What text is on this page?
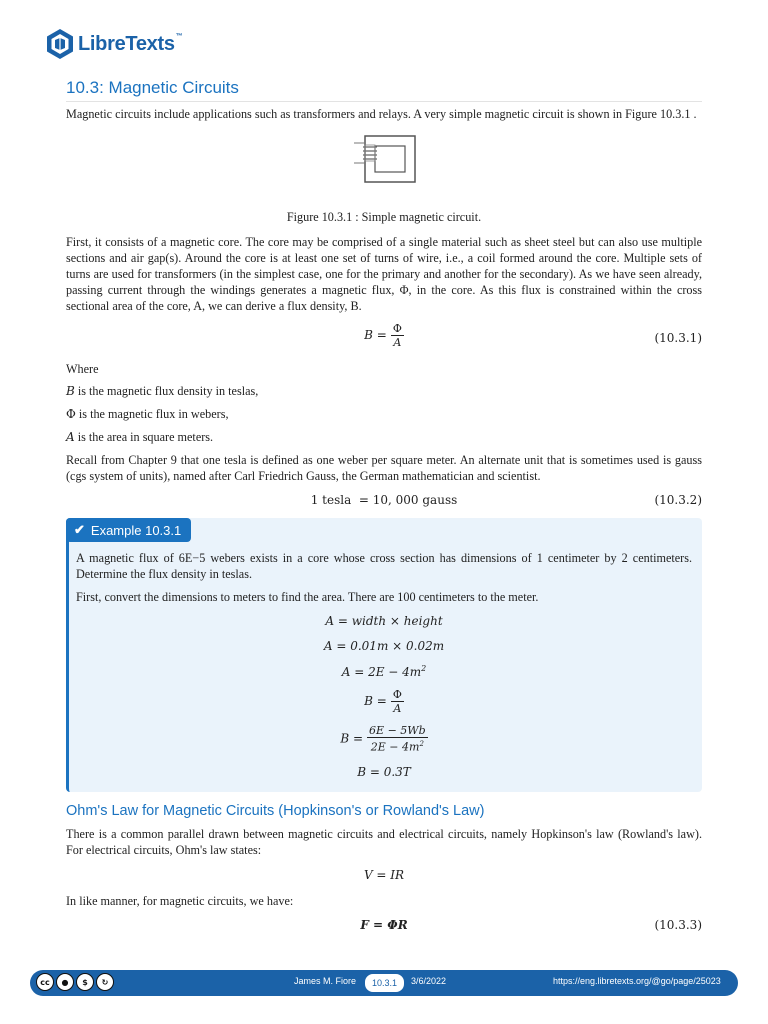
LibreTexts™
10.3: Magnetic Circuits

Magnetic circuits include applications such as transformers and relays. A very simple magnetic circuit is shown in Figure 10.3.1 .

Figure 10.3.1 : Simple magnetic circuit.

First, it consists of a magnetic core. The core may be comprised of a single material such as sheet steel but can also use multiple sections and air gap(s). Around the core is at least one set of turns of wire, i.e., a coil formed around the core. Multiple sets of turns are used for transformers (in the simplest case, one for the primary and another for the secondary). As we have seen already, passing current through the windings generates a magnetic flux, Φ, in the core. As this flux is constrained within the cross sectional area of the core, A, we can derive a flux density, B.

$B = \frac{\Phi}{A}$	(10.3.1)

Where

B is the magnetic flux density in teslas,

Φ is the magnetic flux in webers,

A is the area in square meters.

Recall from Chapter 9 that one tesla is defined as one weber per square meter. An alternate unit that is sometimes used is gauss (cgs system of units), named after Carl Friedrich Gauss, the German mathematician and scientist.

1 tesla  = 10, 000 gauss	(10.3.2)
✔ Example 10.3.1

A magnetic flux of 6E−5 webers exists in a core whose cross section has dimensions of 1 centimeter by 2 centimeters. Determine the flux density in teslas.

First, convert the dimensions to meters to find the area. There are 100 centimeters to the meter.

A = width × height
A = 0.01m × 0.02m
$A = 2E - 4m^2$
$B = \frac{\Phi}{A}$
$B = \frac{6E - 5Wb}{2E - 4m^2}$
B = 0.3T
Ohm's Law for Magnetic Circuits (Hopkinson's or Rowland's Law)

There is a common parallel drawn between magnetic circuits and electrical circuits, namely Hopkinson's law (Rowland's law). For electrical circuits, Ohm's law states:

V = IR

In like manner, for magnetic circuits, we have:

F = ΦR	(10.3.3)
cc	●	$	↻	James M. Fiore	10.3.1	3/6/2022	https://eng.libretexts.org/@go/page/25023
